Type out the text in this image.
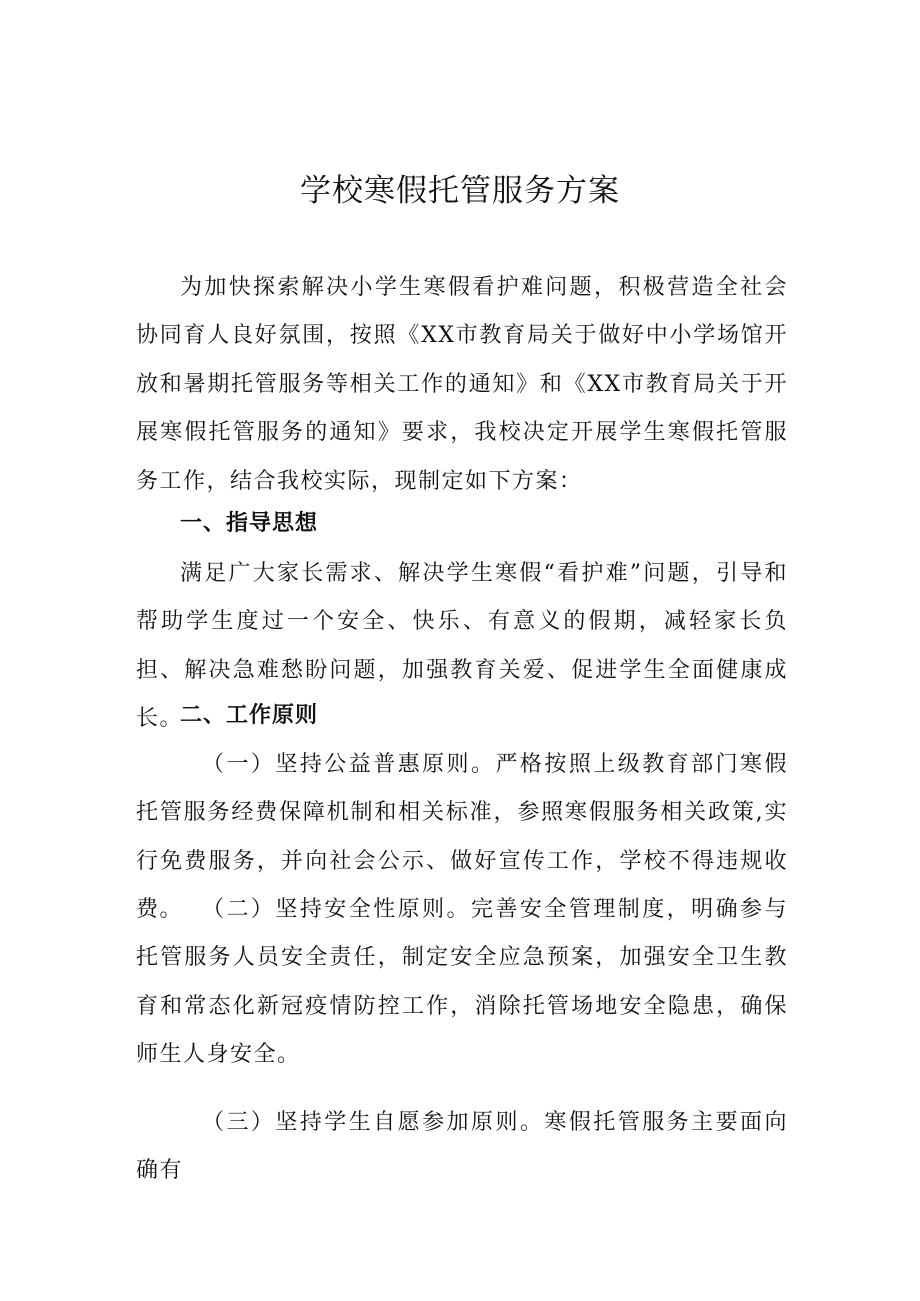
学校寒假托管服务方案

为加快探索解决小学生寒假看护难问题，积极营造全社会协同育人良好氛围，按照《XX市教育局关于做好中小学场馆开放和暑期托管服务等相关工作的通知》和《XX市教育局关于开展寒假托管服务的通知》要求，我校决定开展学生寒假托管服务工作，结合我校实际，现制定如下方案：

一、指导思想

满足广大家长需求、解决学生寒假“看护难”问题，引导和帮助学生度过一个安全、快乐、有意义的假期，减轻家长负担、解决急难愁盼问题，加强教育关爱、促进学生全面健康成长。

二、工作原则

（一）坚持公益普惠原则。严格按照上级教育部门寒假托管服务经费保障机制和相关标准，参照寒假服务相关政策,实行免费服务，并向社会公示、做好宣传工作，学校不得违规收费。 （二）坚持安全性原则。完善安全管理制度，明确参与托管服务人员安全责任，制定安全应急预案，加强安全卫生教育和常态化新冠疫情防控工作，消除托管场地安全隐患，确保师生人身安全。

（三）坚持学生自愿参加原则。寒假托管服务主要面向确有
